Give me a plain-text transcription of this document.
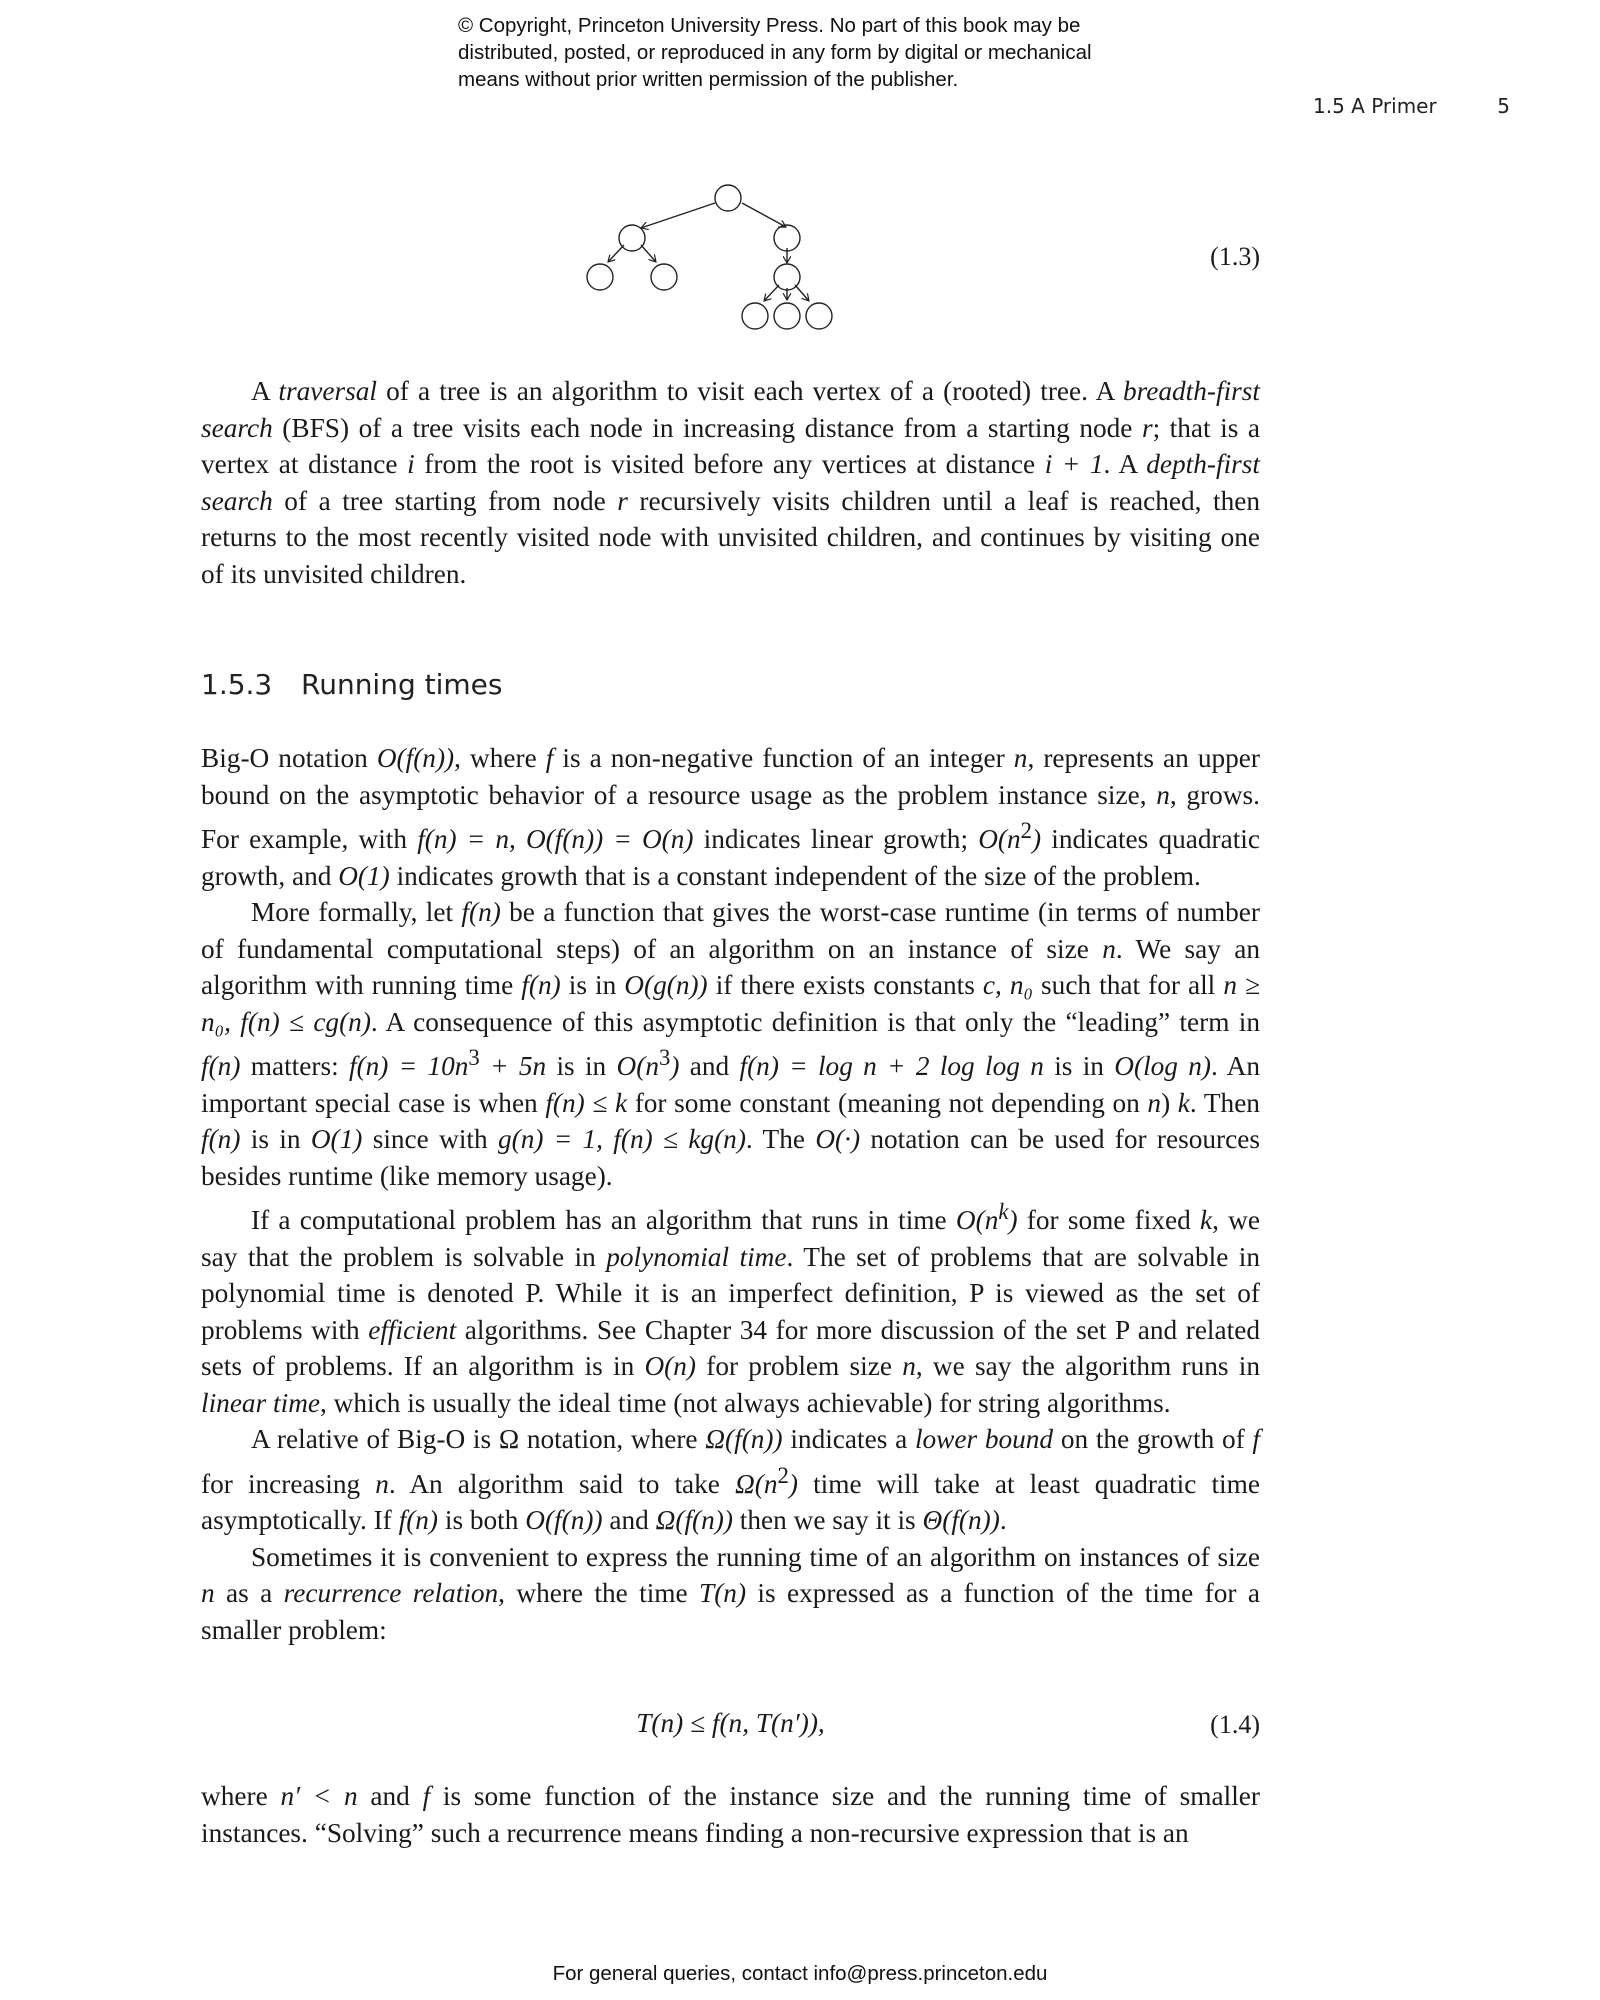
© Copyright, Princeton University Press. No part of this book may be
distributed, posted, or reproduced in any form by digital or mechanical
means without prior written permission of the publisher.
1.5 A Primer	5
(1.3)

A traversal of a tree is an algorithm to visit each vertex of a (rooted) tree. A breadth-first search (BFS) of a tree visits each node in increasing distance from a starting node r; that is a vertex at distance i from the root is visited before any vertices at distance i + 1. A depth-first search of a tree starting from node r recursively visits children until a leaf is reached, then returns to the most recently visited node with unvisited children, and continues by visiting one of its unvisited children.

1.5.3 Running times

Big-O notation O(f(n)), where f is a non-negative function of an integer n, represents an upper bound on the asymptotic behavior of a resource usage as the problem instance size, n, grows. For example, with f(n) = n, O(f(n)) = O(n) indicates linear growth; $O(n^2)$ indicates quadratic growth, and O(1) indicates growth that is a constant independent of the size of the problem.

More formally, let f(n) be a function that gives the worst-case runtime (in terms of number of fundamental computational steps) of an algorithm on an instance of size n. We say an algorithm with running time f(n) is in O(g(n)) if there exists constants c, n₀ such that for all n ≥ n₀, f(n) ≤ cg(n). A consequence of this asymptotic definition is that only the “leading” term in f(n) matters: $f(n) = 10n^3 + 5n$ is in $O(n^3)$ and f(n) = log n + 2 log log n is in O(log n). An important special case is when f(n) ≤ k for some constant (meaning not depending on n) k. Then f(n) is in O(1) since with g(n) = 1, f(n) ≤ kg(n). The O(·) notation can be used for resources besides runtime (like memory usage).

If a computational problem has an algorithm that runs in time $O(n^k)$ for some fixed k, we say that the problem is solvable in polynomial time. The set of problems that are solvable in polynomial time is denoted P. While it is an imperfect definition, P is viewed as the set of problems with efficient algorithms. See Chapter 34 for more discussion of the set P and related sets of problems. If an algorithm is in O(n) for problem size n, we say the algorithm runs in linear time, which is usually the ideal time (not always achievable) for string algorithms.

A relative of Big-O is Ω notation, where Ω(f(n)) indicates a lower bound on the growth of f for increasing n. An algorithm said to take $\Omega(n^2)$ time will take at least quadratic time asymptotically. If f(n) is both O(f(n)) and Ω(f(n)) then we say it is Θ(f(n)).

Sometimes it is convenient to express the running time of an algorithm on instances of size n as a recurrence relation, where the time T(n) is expressed as a function of the time for a smaller problem:

T(n) ≤ f(n, T(n′)),	(1.4)

where n′ < n and f is some function of the instance size and the running time of smaller instances. “Solving” such a recurrence means finding a non-recursive expression that is an

For general queries, contact info@press.princeton.edu
